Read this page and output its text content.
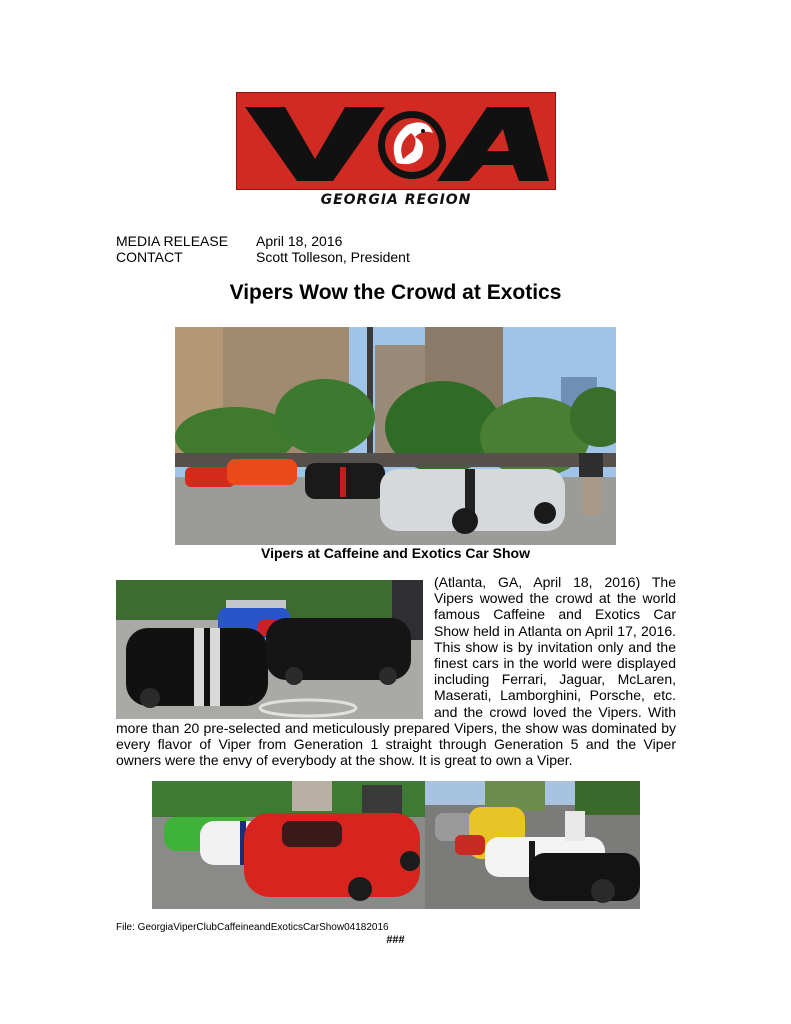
GEORGIA REGION
MEDIA RELEASE April 18, 2016
CONTACT	Scott Tolleson, President
Vipers Wow the Crowd at Exotics
Vipers at Caffeine and Exotics Car Show
(Atlanta, GA, April 18, 2016) The Vipers wowed the crowd at the world famous Caffeine and Exotics Car Show held in Atlanta on April 17, 2016. This show is by invitation only and the finest cars in the world were displayed including Ferrari, Jaguar, McLaren, Maserati, Lamborghini, Porsche, etc. and the crowd loved the Vipers. With
more than 20 pre-selected and meticulously prepared Vipers, the show was dominated by every flavor of Viper from Generation 1 straight through Generation 5 and the Viper owners were the envy of everybody at the show. It is great to own a Viper.
File: GeorgiaViperClubCaffeineandExoticsCarShow04182016
###
